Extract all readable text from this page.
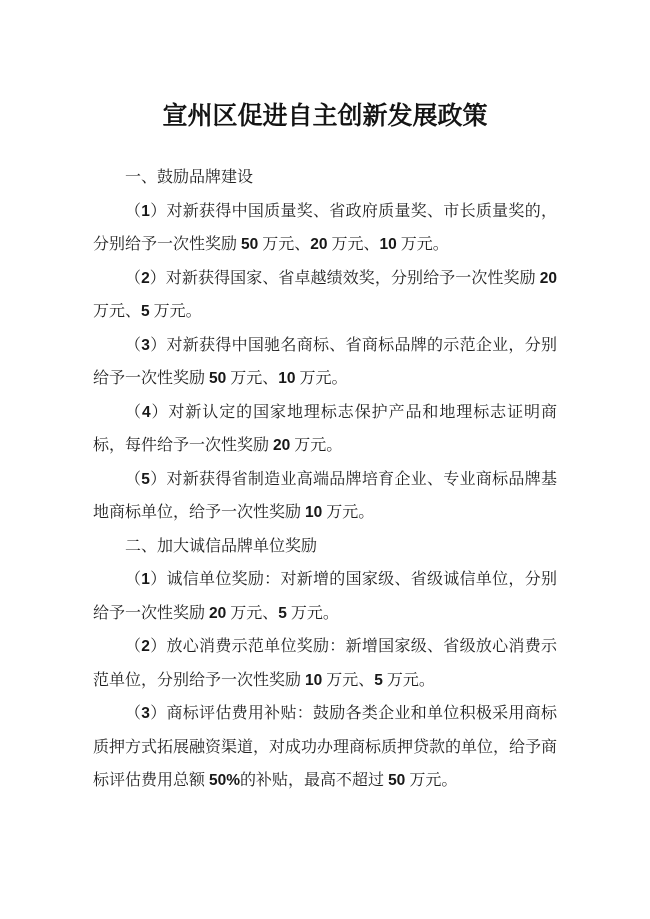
宣州区促进自主创新发展政策

一、鼓励品牌建设

（1）对新获得中国质量奖、省政府质量奖、市长质量奖的，分别给予一次性奖励 50 万元、20 万元、10 万元。

（2）对新获得国家、省卓越绩效奖，分别给予一次性奖励 20 万元、5 万元。

（3）对新获得中国驰名商标、省商标品牌的示范企业，分别给予一次性奖励 50 万元、10 万元。

（4）对新认定的国家地理标志保护产品和地理标志证明商标，每件给予一次性奖励 20 万元。

（5）对新获得省制造业高端品牌培育企业、专业商标品牌基地商标单位，给予一次性奖励 10 万元。

二、加大诚信品牌单位奖励

（1）诚信单位奖励：对新增的国家级、省级诚信单位，分别给予一次性奖励 20 万元、5 万元。

（2）放心消费示范单位奖励：新增国家级、省级放心消费示范单位，分别给予一次性奖励 10 万元、5 万元。

（3）商标评估费用补贴：鼓励各类企业和单位积极采用商标质押方式拓展融资渠道，对成功办理商标质押贷款的单位，给予商标评估费用总额 50%的补贴，最高不超过 50 万元。
